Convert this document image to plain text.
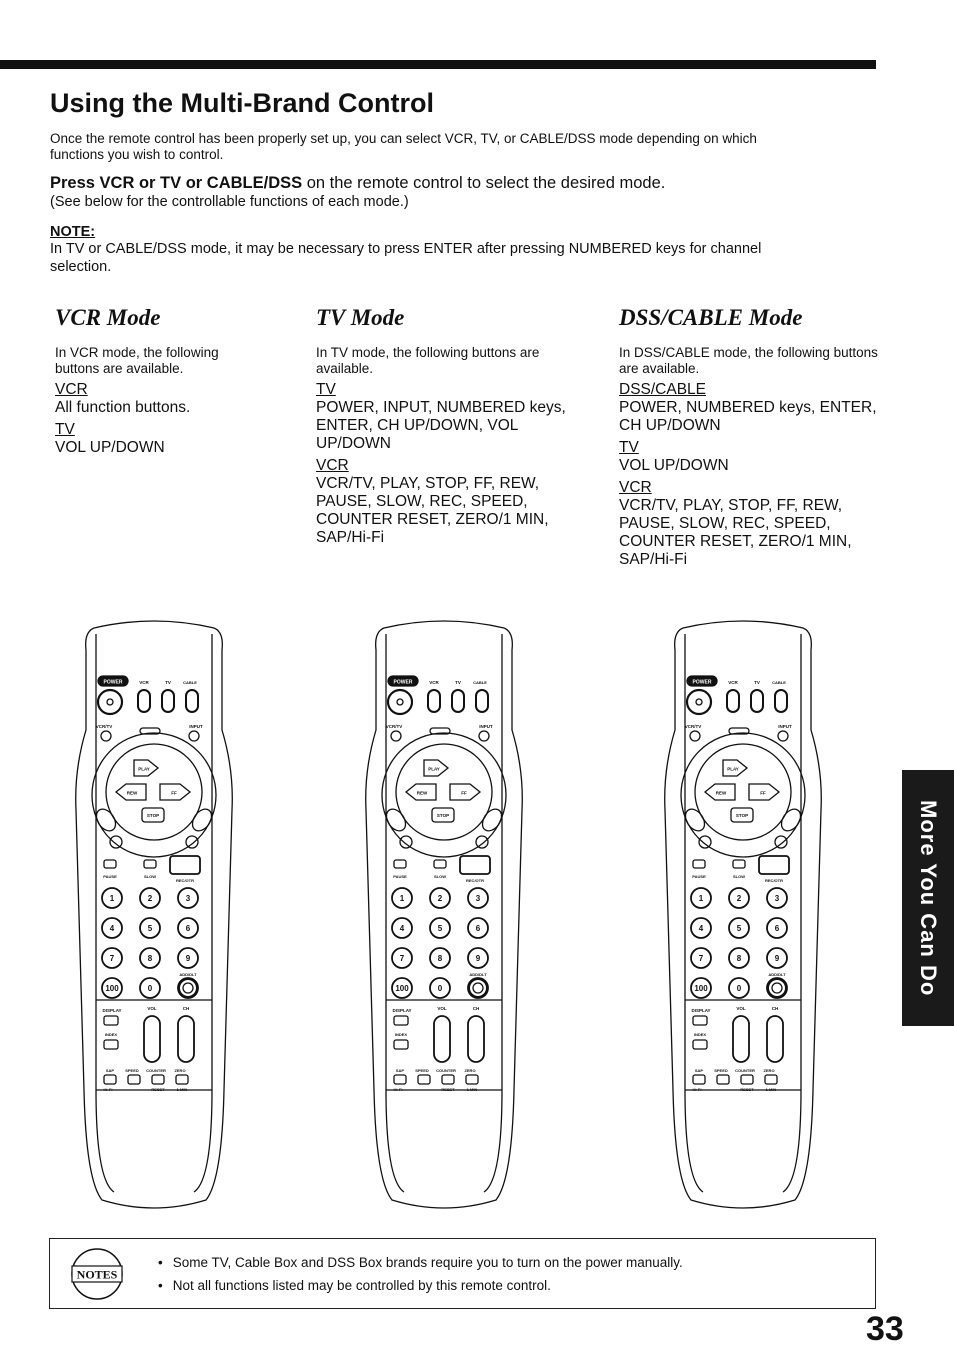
Using the Multi-Brand Control
Once the remote control has been properly set up, you can select VCR, TV, or CABLE/DSS mode depending on which functions you wish to control.
Press VCR or TV or CABLE/DSS on the remote control to select the desired mode.
(See below for the controllable functions of each mode.)
NOTE:
In TV or CABLE/DSS mode, it may be necessary to press ENTER after pressing NUMBERED keys for channel selection.
VCR Mode
In VCR mode, the following buttons are available.
VCR
All function buttons.
TV
VOL UP/DOWN
TV Mode
In TV mode, the following buttons are available.
TV
POWER, INPUT, NUMBERED keys, ENTER, CH UP/DOWN, VOL UP/DOWN
VCR
VCR/TV, PLAY, STOP, FF, REW, PAUSE, SLOW, REC, SPEED, COUNTER RESET, ZERO/1 MIN, SAP/Hi-Fi
DSS/CABLE Mode
In DSS/CABLE mode, the following buttons are available.
DSS/CABLE
POWER, NUMBERED keys, ENTER, CH UP/DOWN
TV
VOL UP/DOWN
VCR
VCR/TV, PLAY, STOP, FF, REW, PAUSE, SLOW, REC, SPEED, COUNTER RESET, ZERO/1 MIN, SAP/Hi-Fi
POWER	VCR	TV	CABLE
VCR/TV	INPUT
PLAY
REW	FF
STOP
PAUSE	SLOW
REC/OTR
1	2	3
4	5	6
7	8	9
100	0
ADD/DLT
DISPLAY	VOL	CH
INDEX
SAP	SPEED COUNTER ZERO
Hi-Fi	RESET	1 MIN
POWER	VCR	TV	CABLE
VCR/TV	INPUT
PLAY
REW	FF
STOP
PAUSE	SLOW
REC/OTR
1	2	3
4	5	6
7	8	9
100	0
ADD/DLT
DISPLAY	VOL	CH
INDEX
SAP	SPEED COUNTER ZERO
Hi-Fi	RESET	1 MIN
POWER	VCR	TV	CABLE
VCR/TV	INPUT
PLAY
REW	FF
STOP
PAUSE	SLOW
REC/OTR
1	2	3
4	5	6
7	8	9
100	0
ADD/DLT
DISPLAY	VOL	CH
INDEX
SAP	SPEED COUNTER ZERO
Hi-Fi	RESET	1 MIN
More You Can Do
NOTES
• Some TV, Cable Box and DSS Box brands require you to turn on the power manually.
• Not all functions listed may be controlled by this remote control.
33
